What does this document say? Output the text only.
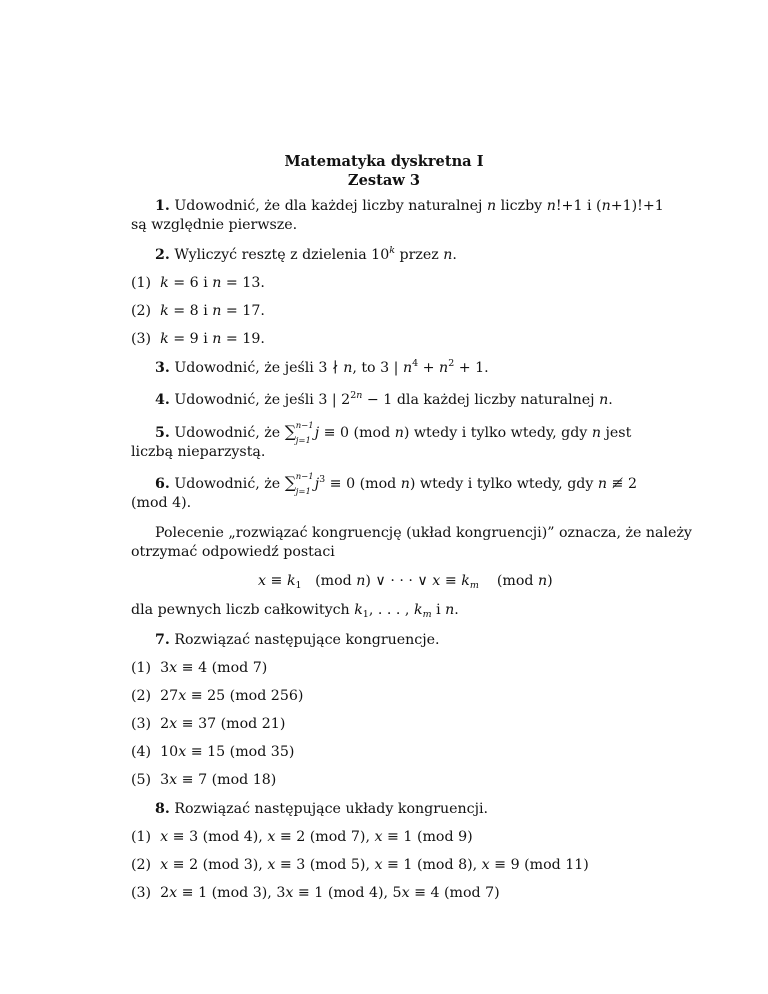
Matematyka dyskretna I
Zestaw 3
1. Udowodnić, że dla każdej liczby naturalnej n liczby n!+1 i (n+1)!+1
są względnie pierwsze.
2. Wyliczyć resztę z dzielenia 10$^k$ przez n.
(1) k = 6 i n = 13.
(2) k = 8 i n = 17.
(3) k = 9 i n = 19.
3. Udowodnić, że jeśli 3 ∤ n, to 3 | $n^4 + n^2 + 1$.
4. Udowodnić, że jeśli 3 | $2^{2n} - 1$ dla każdej liczby naturalnej n.
5. Udowodnić, że ∑ n−1
j=1 j ≡ 0 (mod n) wtedy i tylko wtedy, gdy n jest
liczbą nieparzystą.
6. Udowodnić, że ∑ n−1
j=1 $j^3 \equiv 0$ (mod n) wtedy i tylko wtedy, gdy n ≢ 2
(mod 4).
Polecenie „rozwiązać kongruencję (układ kongruencji)” oznacza, że należy
otrzymać odpowiedź postaci
$x \equiv k_1$   (mod n) ∨ · · · ∨ $x \equiv k_m$    (mod n)
dla pewnych liczb całkowitych $k_1$, . . . , $k_m$ i n.
7. Rozwiązać następujące kongruencje.
(1)  3x ≡ 4 (mod 7)
(2)  27x ≡ 25 (mod 256)
(3)  2x ≡ 37 (mod 21)
(4)  10x ≡ 15 (mod 35)
(5)  3x ≡ 7 (mod 18)
8. Rozwiązać następujące układy kongruencji.
(1) x ≡ 3 (mod 4), x ≡ 2 (mod 7), x ≡ 1 (mod 9)
(2) x ≡ 2 (mod 3), x ≡ 3 (mod 5), x ≡ 1 (mod 8), x ≡ 9 (mod 11)
(3)  2x ≡ 1 (mod 3), 3x ≡ 1 (mod 4), 5x ≡ 4 (mod 7)
